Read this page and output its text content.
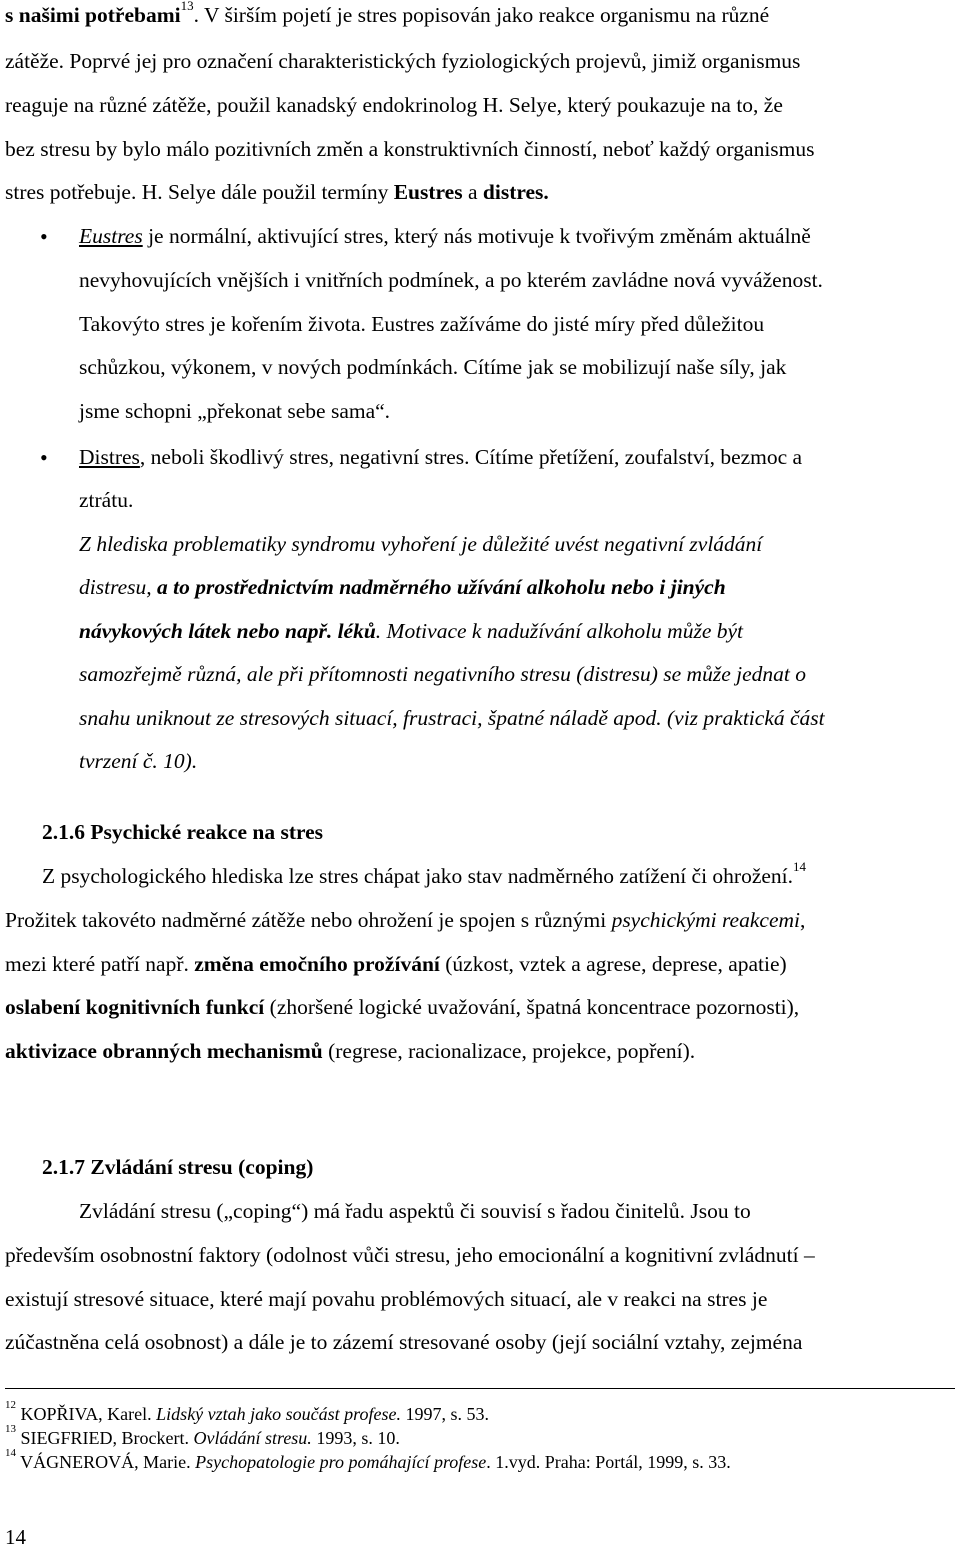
s našimi potřebami$^{13}$. V širším pojetí je stres popisován jako reakce organismu na různé
zátěže. Poprvé jej pro označení charakteristických fyziologických projevů, jimiž organismus
reaguje na různé zátěže, použil kanadský endokrinolog H. Selye, který poukazuje na to, že
bez stresu by bylo málo pozitivních změn a konstruktivních činností, neboť každý organismus
stres potřebuje. H. Selye dále použil termíny Eustres a distres.
• Eustres je normální, aktivující stres, který nás motivuje k tvořivým změnám aktuálně
nevyhovujících vnějších i vnitřních podmínek, a po kterém zavládne nová vyváženost.
Takovýto stres je kořením života. Eustres zažíváme do jisté míry před důležitou
schůzkou, výkonem, v nových podmínkách. Cítíme jak se mobilizují naše síly, jak
jsme schopni „překonat sebe sama“.
• Distres, neboli škodlivý stres, negativní stres. Cítíme přetížení, zoufalství, bezmoc a
ztrátu.
Z hlediska problematiky syndromu vyhoření je důležité uvést negativní zvládání
distresu, a to prostřednictvím nadměrného užívání alkoholu nebo i jiných
návykových látek nebo např. léků. Motivace k nadužívání alkoholu může být
samozřejmě různá, ale při přítomnosti negativního stresu (distresu) se může jednat o
snahu uniknout ze stresových situací, frustraci, špatné náladě apod. (viz praktická část
tvrzení č. 10).
2.1.6 Psychické reakce na stres
Z psychologického hlediska lze stres chápat jako stav nadměrného zatížení či ohrožení.$^{14}$
Prožitek takovéto nadměrné zátěže nebo ohrožení je spojen s různými psychickými reakcemi,
mezi které patří např. změna emočního prožívání (úzkost, vztek a agrese, deprese, apatie)
oslabení kognitivních funkcí (zhoršené logické uvažování, špatná koncentrace pozornosti),
aktivizace obranných mechanismů (regrese, racionalizace, projekce, popření).
2.1.7 Zvládání stresu (coping)
Zvládání stresu („coping“) má řadu aspektů či souvisí s řadou činitelů. Jsou to
především osobnostní faktory (odolnost vůči stresu, jeho emocionální a kognitivní zvládnutí –
existují stresové situace, které mají povahu problémových situací, ale v reakci na stres je
zúčastněna celá osobnost) a dále je to zázemí stresované osoby (její sociální vztahy, zejména
$^{12}$ KOPŘIVA, Karel. Lidský vztah jako součást profese. 1997, s. 53.
$^{13}$ SIEGFRIED, Brockert. Ovládání stresu. 1993, s. 10.
$^{14}$ VÁGNEROVÁ, Marie. Psychopatologie pro pomáhající profese. 1.vyd. Praha: Portál, 1999, s. 33.
14
